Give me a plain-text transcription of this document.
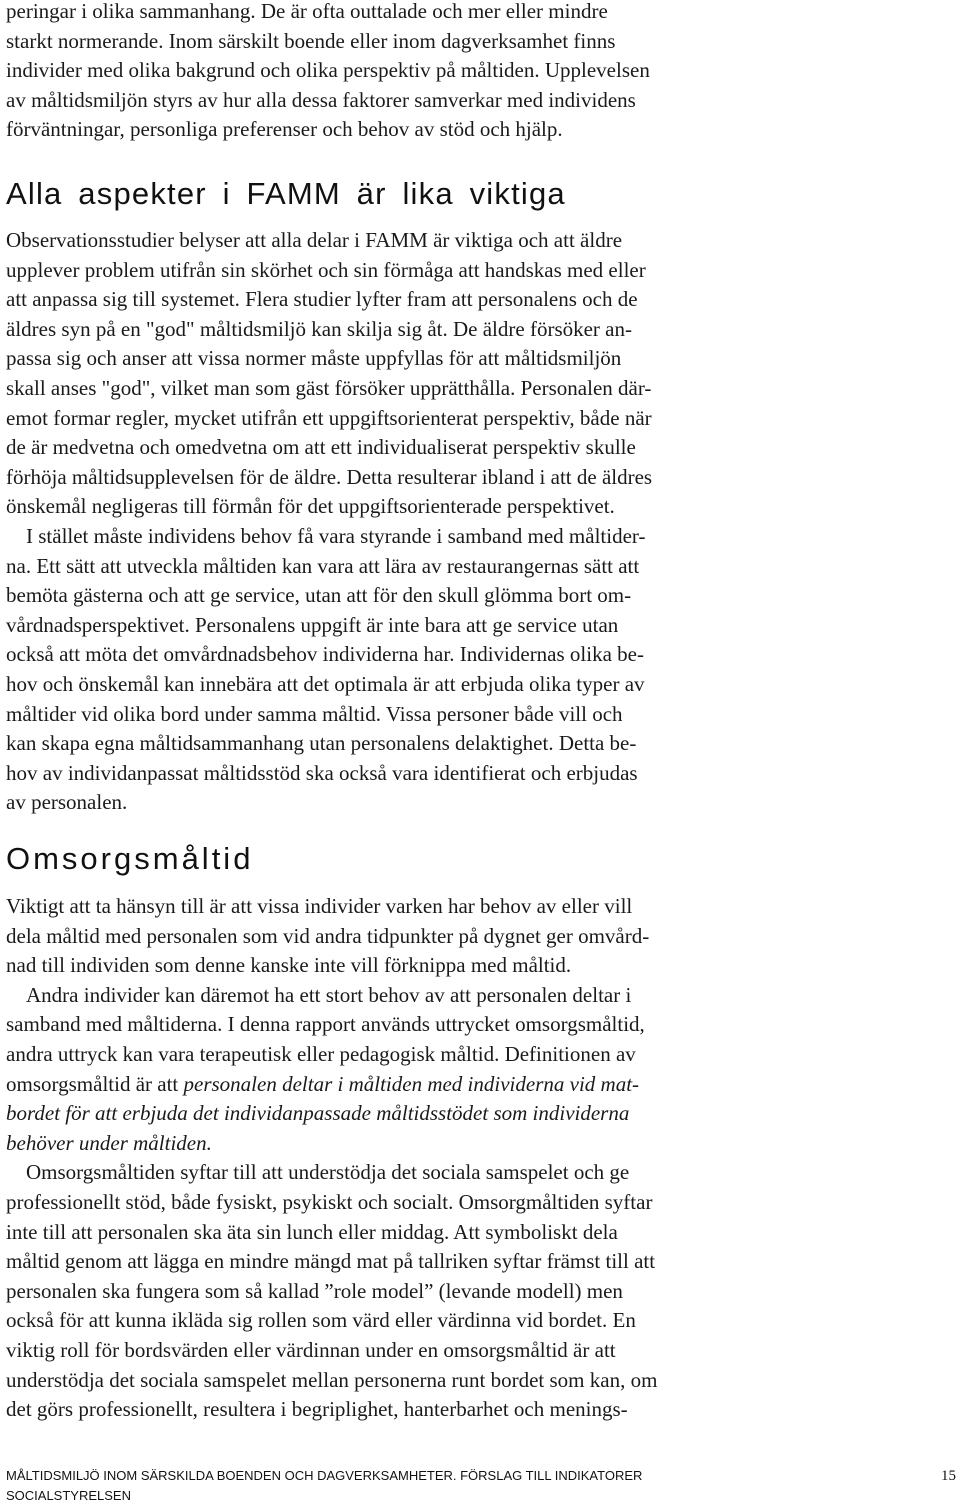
peringar i olika sammanhang. De är ofta outtalade och mer eller mindre
starkt normerande. Inom särskilt boende eller inom dagverksamhet finns
individer med olika bakgrund och olika perspektiv på måltiden. Upplevelsen
av måltidsmiljön styrs av hur alla dessa faktorer samverkar med individens
förväntningar, personliga preferenser och behov av stöd och hjälp.
Alla aspekter i FAMM är lika viktiga
Observationsstudier belyser att alla delar i FAMM är viktiga och att äldre
upplever problem utifrån sin skörhet och sin förmåga att handskas med eller
att anpassa sig till systemet. Flera studier lyfter fram att personalens och de
äldres syn på en "god" måltidsmiljö kan skilja sig åt. De äldre försöker an-
passa sig och anser att vissa normer måste uppfyllas för att måltidsmiljön
skall anses "god", vilket man som gäst försöker upprätthålla. Personalen där-
emot formar regler, mycket utifrån ett uppgiftsorienterat perspektiv, både när
de är medvetna och omedvetna om att ett individualiserat perspektiv skulle
förhöja måltidsupplevelsen för de äldre. Detta resulterar ibland i att de äldres
önskemål negligeras till förmån för det uppgiftsorienterade perspektivet.
I stället måste individens behov få vara styrande i samband med måltider-
na. Ett sätt att utveckla måltiden kan vara att lära av restaurangernas sätt att
bemöta gästerna och att ge service, utan att för den skull glömma bort om-
vårdnadsperspektivet. Personalens uppgift är inte bara att ge service utan
också att möta det omvårdnadsbehov individerna har. Individernas olika be-
hov och önskemål kan innebära att det optimala är att erbjuda olika typer av
måltider vid olika bord under samma måltid. Vissa personer både vill och
kan skapa egna måltidsammanhang utan personalens delaktighet. Detta be-
hov av individanpassat måltidsstöd ska också vara identifierat och erbjudas
av personalen.
Omsorgsmåltid
Viktigt att ta hänsyn till är att vissa individer varken har behov av eller vill
dela måltid med personalen som vid andra tidpunkter på dygnet ger omvård-
nad till individen som denne kanske inte vill förknippa med måltid.
Andra individer kan däremot ha ett stort behov av att personalen deltar i
samband med måltiderna. I denna rapport används uttrycket omsorgsmåltid,
andra uttryck kan vara terapeutisk eller pedagogisk måltid. Definitionen av
omsorgsmåltid är att personalen deltar i måltiden med individerna vid mat-
bordet för att erbjuda det individanpassade måltidsstödet som individerna
behöver under måltiden.
Omsorgsmåltiden syftar till att understödja det sociala samspelet och ge
professionellt stöd, både fysiskt, psykiskt och socialt. Omsorgmåltiden syftar
inte till att personalen ska äta sin lunch eller middag. Att symboliskt dela
måltid genom att lägga en mindre mängd mat på tallriken syftar främst till att
personalen ska fungera som så kallad ”role model” (levande modell) men
också för att kunna ikläda sig rollen som värd eller värdinna vid bordet. En
viktig roll för bordsvärden eller värdinnan under en omsorgsmåltid är att
understödja det sociala samspelet mellan personerna runt bordet som kan, om
det görs professionellt, resultera i begriplighet, hanterbarhet och menings-
MÅLTIDSMILJÖ INOM SÄRSKILDA BOENDEN OCH DAGVERKSAMHETER. FÖRSLAG TILL INDIKATORER
SOCIALSTYRELSEN
15
